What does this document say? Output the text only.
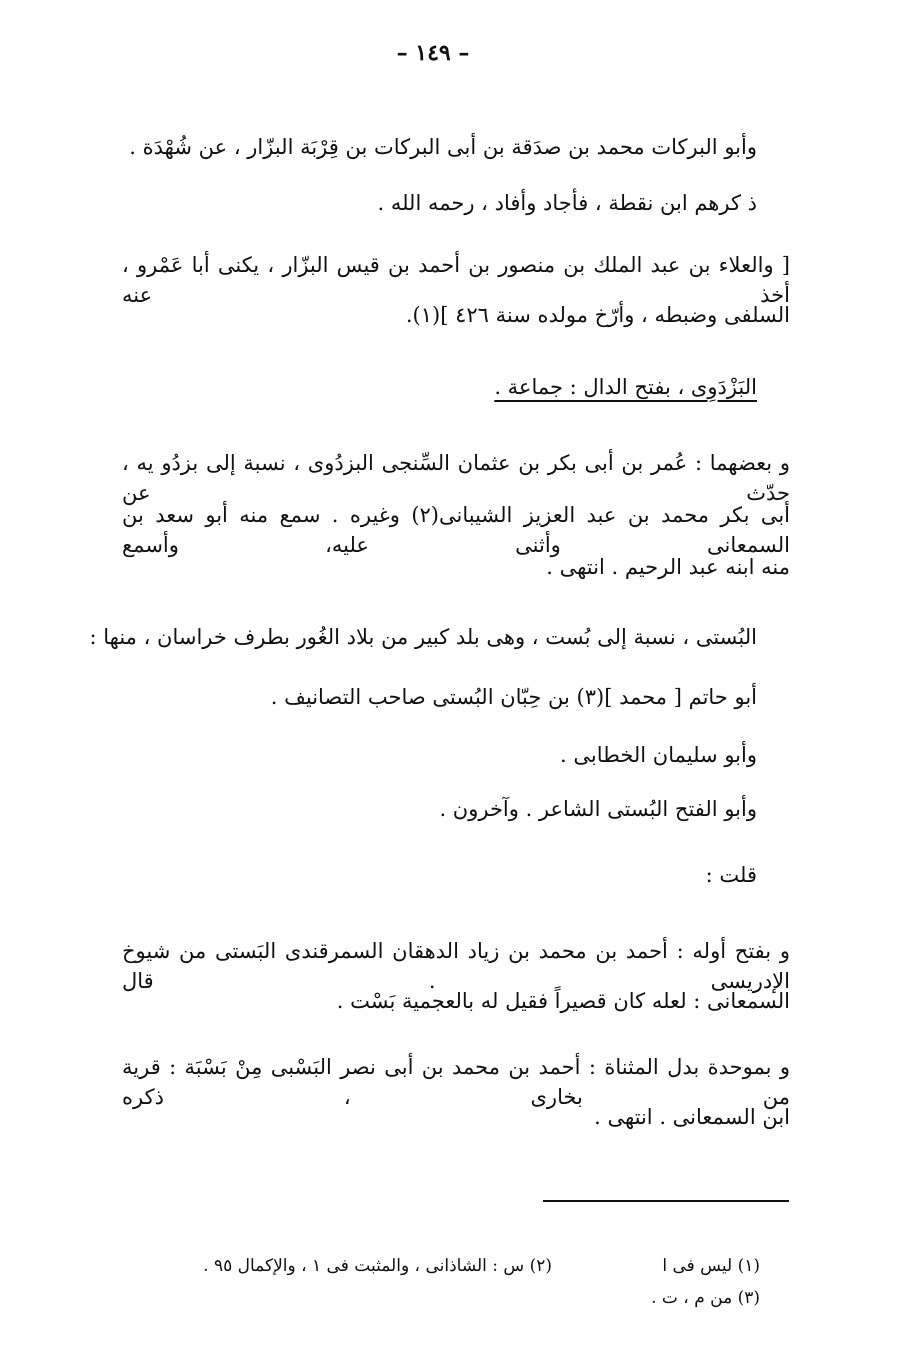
– ١٤٩ –
وأبو البركات محمد بن صدَقة بن أبى البركات بن قِرْبَة البزّار ، عن شُهْدَة .
ذ كرهم ابن نقطة ، فأجاد وأفاد ، رحمه الله .
[ والعلاء بن عبد الملك بن منصور بن أحمد بن قيس البزّار ، يكنى أبا عَمْرو ، أخذ عنه
السلفى وضبطه ، وأرّخ مولده سنة ٤٢٦ ](١).
البَزْدَوِى ، بفتح الدال : جماعة .
و بعضهما : عُمر بن أبى بكر بن عثمان السِّنجى البزدُوى ، نسبة إلى بزدُو يه ، حدّث عن
أبى بكر محمد بن عبد العزيز الشيبانى(٢) وغيره . سمع منه أبو سعد بن السمعانى وأثنى عليه، وأسمع
منه ابنه عبد الرحيم . انتهى .
البُستى ، نسبة إلى بُست ، وهى بلد كبير من بلاد الغُور بطرف خراسان ، منها :
أبو حاتم [ محمد ](٣) بن حِبّان البُستى صاحب التصانيف .
وأبو سليمان الخطابى .
وأبو الفتح البُستى الشاعر . وآخرون .
قلت :
و بفتح أوله : أحمد بن محمد بن زياد الدهقان السمرقندى البَستى من شيوخ الإدريسى . قال
السمعانى : لعله كان قصيراً فقيل له بالعجمية بَسْت .
و بموحدة بدل المثناة : أحمد بن محمد بن أبى نصر البَسْبى مِنْ بَسْبَة : قرية من بخارى ، ذكره
ابن السمعانى . انتهى .
(١) ليس فى ا
(٢) س : الشاذانى ، والمثبت فى ١ ، والإكمال ٩٥ .
(٣) من م ، ت .
